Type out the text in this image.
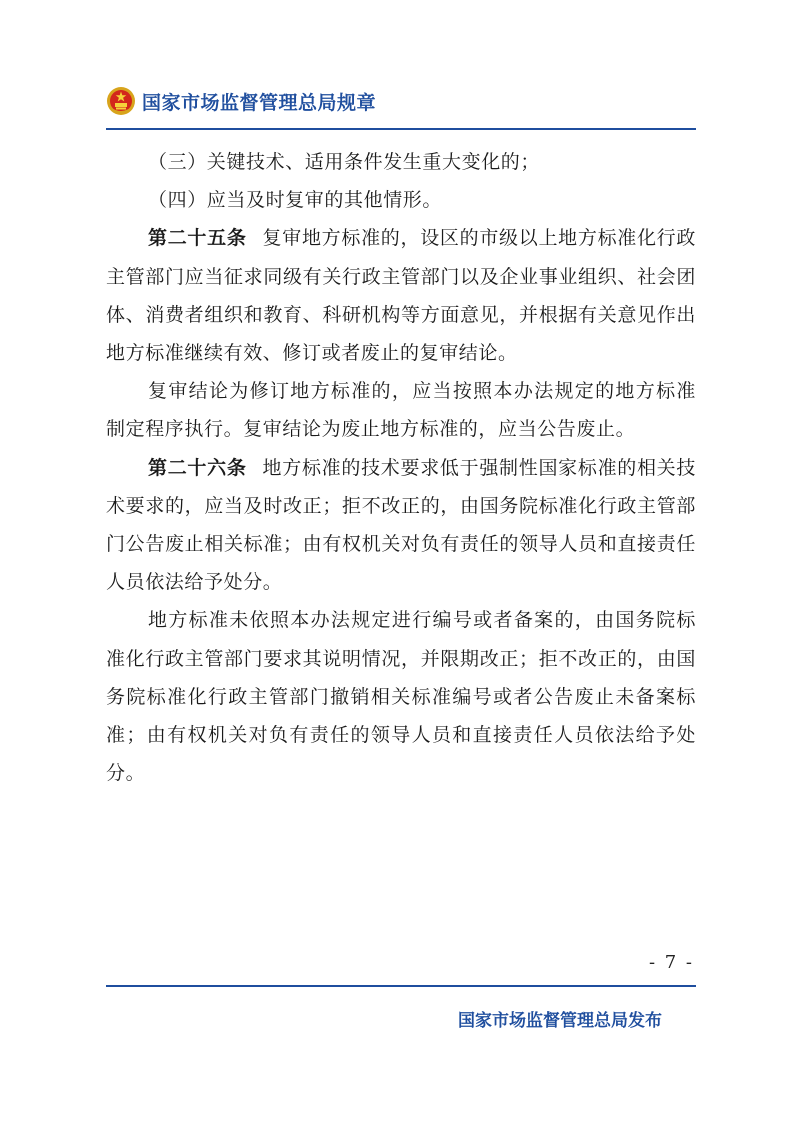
国家市场监督管理总局规章

（三）关键技术、适用条件发生重大变化的；

（四）应当及时复审的其他情形。

第二十五条 复审地方标准的，设区的市级以上地方标准化行政主管部门应当征求同级有关行政主管部门以及企业事业组织、社会团体、消费者组织和教育、科研机构等方面意见，并根据有关意见作出地方标准继续有效、修订或者废止的复审结论。

复审结论为修订地方标准的，应当按照本办法规定的地方标准制定程序执行。复审结论为废止地方标准的，应当公告废止。

第二十六条 地方标准的技术要求低于强制性国家标准的相关技术要求的，应当及时改正；拒不改正的，由国务院标准化行政主管部门公告废止相关标准；由有权机关对负有责任的领导人员和直接责任人员依法给予处分。

地方标准未依照本办法规定进行编号或者备案的，由国务院标准化行政主管部门要求其说明情况，并限期改正；拒不改正的，由国务院标准化行政主管部门撤销相关标准编号或者公告废止未备案标准；由有权机关对负有责任的领导人员和直接责任人员依法给予处分。

- 7 -
国家市场监督管理总局发布
